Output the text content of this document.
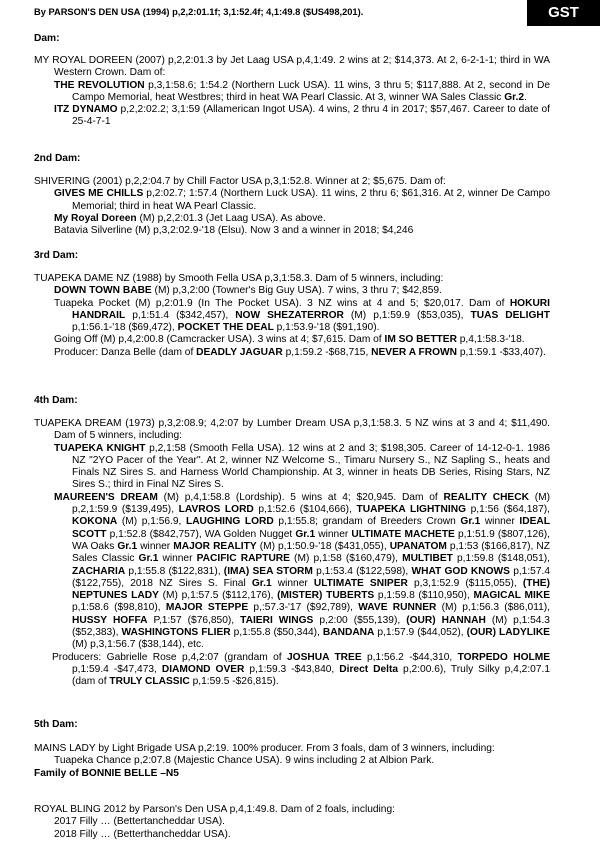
By PARSON'S DEN USA (1994) p,2,2:01.1f; 3,1:52.4f; 4,1:49.8 ($US498,201).	GST
Dam:

MY ROYAL DOREEN (2007) p,2,2:01.3 by Jet Laag USA p,4,1:49. 2 wins at 2; $14,373. At 2, 6-2-1-1; third in WA Western Crown. Dam of:

THE REVOLUTION p,3,1:58.6; 1:54.2 (Northern Luck USA). 11 wins, 3 thru 5; $117,888. At 2, second in De Campo Memorial, heat Westbres; third in heat WA Pearl Classic. At 3, winner WA Sales Classic Gr.2.

ITZ DYNAMO p,2,2:02.2; 3,1:59 (Allamerican Ingot USA). 4 wins, 2 thru 4 in 2017; $57,467. Career to date of 25-4-7-1

2nd Dam:

SHIVERING (2001) p,2,2:04.7 by Chill Factor USA p,3,1:52.8. Winner at 2; $5,675. Dam of:

GIVES ME CHILLS p,2:02.7; 1:57.4 (Northern Luck USA). 11 wins, 2 thru 6; $61,316. At 2, winner De Campo Memorial; third in heat WA Pearl Classic.

My Royal Doreen (M) p,2,2:01.3 (Jet Laag USA). As above.

Batavia Silverline (M) p,3,2:02.9-'18 (Elsu). Now 3 and a winner in 2018; $4,246

3rd Dam:

TUAPEKA DAME NZ (1988) by Smooth Fella USA p,3,1:58.3. Dam of 5 winners, including:

DOWN TOWN BABE (M) p,3,2:00 (Towner's Big Guy USA). 7 wins, 3 thru 7; $42,859.

Tuapeka Pocket (M) p,2:01.9 (In The Pocket USA). 3 NZ wins at 4 and 5; $20,017. Dam of HOKURI HANDRAIL p,1:51.4 ($342,457), NOW SHEZATERROR (M) p,1:59.9 ($53,035), TUAS DELIGHT p,1:56.1-'18 ($69,472), POCKET THE DEAL p,1:53.9-'18 ($91,190).

Going Off (M) p,4,2:00.8 (Camcracker USA). 3 wins at 4; $7,615. Dam of IM SO BETTER p,4,1:58.3-'18.

Producer: Danza Belle (dam of DEADLY JAGUAR p,1:59.2 -$68,715, NEVER A FROWN p,1:59.1 -$33,407).

4th Dam:

TUAPEKA DREAM (1973) p,3,2:08.9; 4,2:07 by Lumber Dream USA p,3,1:58.3. 5 NZ wins at 3 and 4; $11,490. Dam of 5 winners, including:

TUAPEKA KNIGHT p,2,1:58 (Smooth Fella USA). 12 wins at 2 and 3; $198,305. Career of 14-12-0-1. 1986 NZ "2YO Pacer of the Year". At 2, winner NZ Welcome S., Timaru Nursery S., NZ Sapling S., heats and Finals NZ Sires S. and Harness World Championship. At 3, winner in heats DB Series, Rising Stars, NZ Sires S.; third in Final NZ Sires S.

MAUREEN'S DREAM (M) p,4,1:58.8 (Lordship). 5 wins at 4; $20,945. Dam of REALITY CHECK (M) p,2,1:59.9 ($139,495), LAVROS LORD p,1:52.6 ($104,666), TUAPEKA LIGHTNING p,1:56 ($64,187), KOKONA (M) p,1:56.9, LAUGHING LORD p,1:55.8; grandam of Breeders Crown Gr.1 winner IDEAL SCOTT p,1:52.8 ($842,757), WA Golden Nugget Gr.1 winner ULTIMATE MACHETE p,1:51.9 ($807,126), WA Oaks Gr.1 winner MAJOR REALITY (M) p,1:50.9-'18 ($431,055), UPANATOM p,1:53 ($166,817), NZ Sales Classic Gr.1 winner PACIFIC RAPTURE (M) p,1:58 ($160,479), MULTIBET p,1:59.8 ($148,051), ZACHARIA p,1:55.8 ($122,831), (IMA) SEA STORM p,1:53.4 ($122,598), WHAT GOD KNOWS p,1:57.4 ($122,755), 2018 NZ Sires S. Final Gr.1 winner ULTIMATE SNIPER p,3,1:52.9 ($115,055), (THE) NEPTUNES LADY (M) p,1:57.5 ($112,176), (MISTER) TUBERTS p,1:59.8 ($110,950), MAGICAL MIKE p,1:58.6 ($98,810), MAJOR STEPPE p,:57.3-'17 ($92,789), WAVE RUNNER (M) p,1:56.3 ($86,011), HUSSY HOFFA P,1:57 ($76,850), TAIERI WINGS p,2:00 ($55,139), (OUR) HANNAH (M) p,1:54.3 ($52,383), WASHINGTONS FLIER p,1:55.8 ($50,344), BANDANA p,1:57.9 ($44,052), (OUR) LADYLIKE (M) p,3,1:56.7 ($38,144), etc.

Producers: Gabrielle Rose p,4,2:07 (grandam of JOSHUA TREE p,1:56.2 -$44,310, TORPEDO HOLME p,1:59.4 -$47,473, DIAMOND OVER p,1:59.3 -$43,840, Direct Delta p,2:00.6), Truly Silky p,4,2:07.1 (dam of TRULY CLASSIC p,1:59.5 -$26,815).

5th Dam:

MAINS LADY by Light Brigade USA p,2:19. 100% producer. From 3 foals, dam of 3 winners, including:

Tuapeka Chance p,2:07.8 (Majestic Chance USA). 9 wins including 2 at Albion Park.

Family of BONNIE BELLE –N5

ROYAL BLING 2012 by Parson's Den USA p,4,1:49.8. Dam of 2 foals, including:

2017 Filly … (Bettertancheddar USA).

2018 Filly … (Betterthancheddar USA).
